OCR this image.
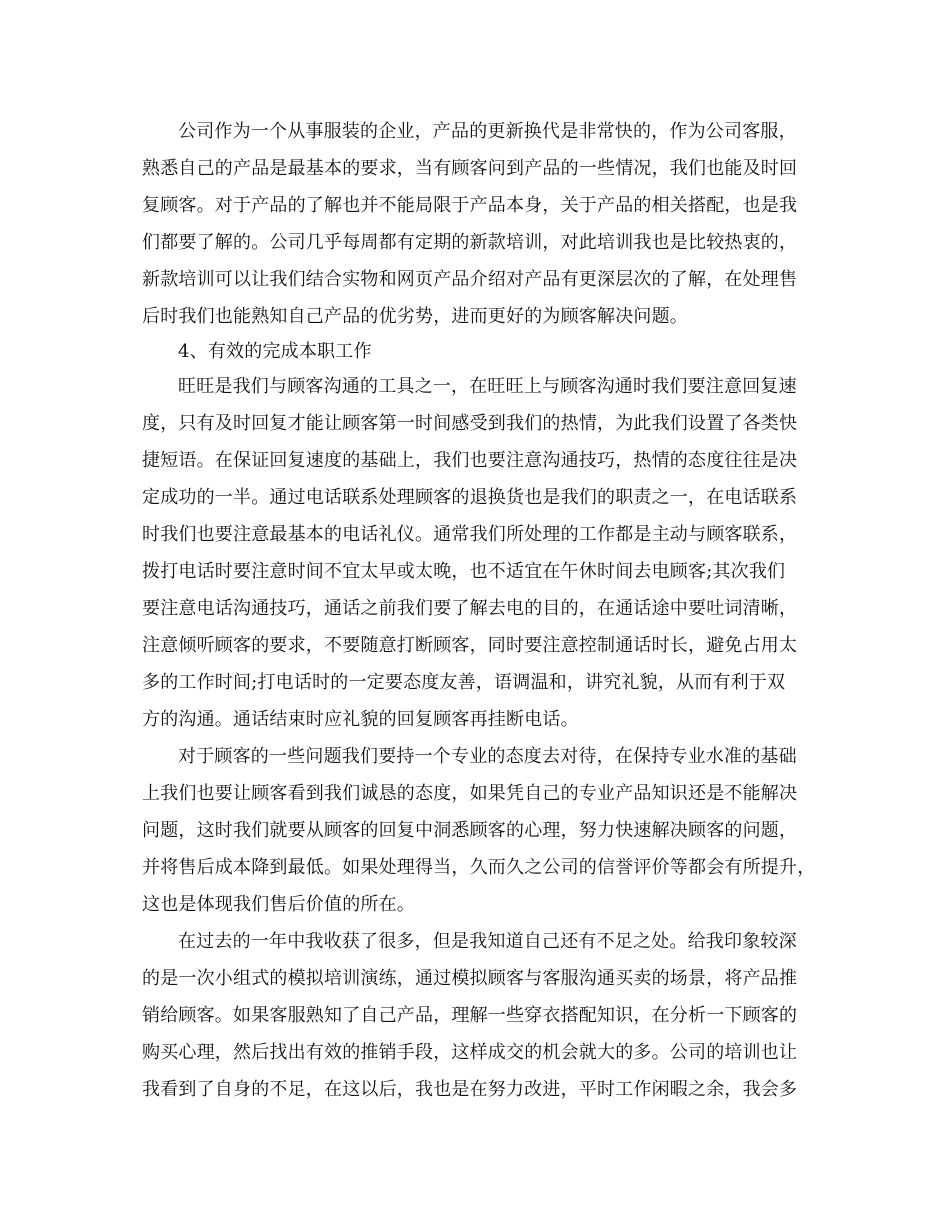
公司作为一个从事服装的企业，产品的更新换代是非常快的，作为公司客服，
熟悉自己的产品是最基本的要求，当有顾客问到产品的一些情况，我们也能及时回
复顾客。对于产品的了解也并不能局限于产品本身，关于产品的相关搭配，也是我
们都要了解的。公司几乎每周都有定期的新款培训，对此培训我也是比较热衷的，
新款培训可以让我们结合实物和网页产品介绍对产品有更深层次的了解，在处理售
后时我们也能熟知自己产品的优劣势，进而更好的为顾客解决问题。
4、有效的完成本职工作
旺旺是我们与顾客沟通的工具之一，在旺旺上与顾客沟通时我们要注意回复速
度，只有及时回复才能让顾客第一时间感受到我们的热情，为此我们设置了各类快
捷短语。在保证回复速度的基础上，我们也要注意沟通技巧，热情的态度往往是决
定成功的一半。通过电话联系处理顾客的退换货也是我们的职责之一，在电话联系
时我们也要注意最基本的电话礼仪。通常我们所处理的工作都是主动与顾客联系，
拨打电话时要注意时间不宜太早或太晚，也不适宜在午休时间去电顾客;其次我们
要注意电话沟通技巧，通话之前我们要了解去电的目的，在通话途中要吐词清晰，
注意倾听顾客的要求，不要随意打断顾客，同时要注意控制通话时长，避免占用太
多的工作时间;打电话时的一定要态度友善，语调温和，讲究礼貌，从而有利于双
方的沟通。通话结束时应礼貌的回复顾客再挂断电话。
对于顾客的一些问题我们要持一个专业的态度去对待，在保持专业水准的基础
上我们也要让顾客看到我们诚恳的态度，如果凭自己的专业产品知识还是不能解决
问题，这时我们就要从顾客的回复中洞悉顾客的心理，努力快速解决顾客的问题，
并将售后成本降到最低。如果处理得当，久而久之公司的信誉评价等都会有所提升，
这也是体现我们售后价值的所在。
在过去的一年中我收获了很多，但是我知道自己还有不足之处。给我印象较深
的是一次小组式的模拟培训演练，通过模拟顾客与客服沟通买卖的场景，将产品推
销给顾客。如果客服熟知了自己产品，理解一些穿衣搭配知识，在分析一下顾客的
购买心理，然后找出有效的推销手段，这样成交的机会就大的多。公司的培训也让
我看到了自身的不足，在这以后，我也是在努力改进，平时工作闲暇之余，我会多
